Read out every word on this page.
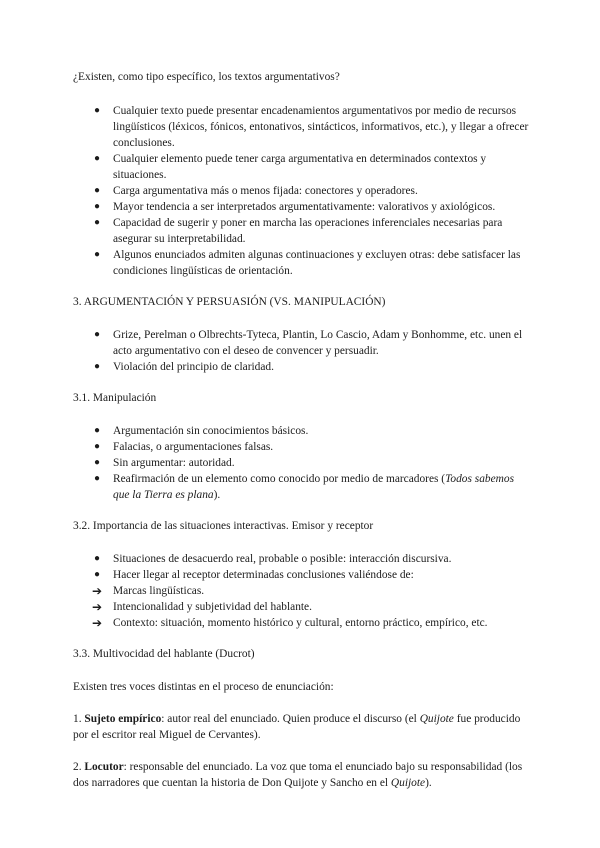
¿Existen, como tipo específico, los textos argumentativos?

●	Cualquier texto puede presentar encadenamientos argumentativos por medio de recursos lingüísticos (léxicos, fónicos, entonativos, sintácticos, informativos, etc.), y llegar a ofrecer conclusiones.
●	Cualquier elemento puede tener carga argumentativa en determinados contextos y situaciones.
●	Carga argumentativa más o menos fijada: conectores y operadores.
●	Mayor tendencia a ser interpretados argumentativamente: valorativos y axiológicos.
●	Capacidad de sugerir y poner en marcha las operaciones inferenciales necesarias para asegurar su interpretabilidad.
●	Algunos enunciados admiten algunas continuaciones y excluyen otras: debe satisfacer las condiciones lingüísticas de orientación.

3. ARGUMENTACIÓN Y PERSUASIÓN (VS. MANIPULACIÓN)

●	Grize, Perelman o Olbrechts-Tyteca, Plantin, Lo Cascio, Adam y Bonhomme, etc. unen el acto argumentativo con el deseo de convencer y persuadir.
●	Violación del principio de claridad.

3.1. Manipulación

●	Argumentación sin conocimientos básicos.
●	Falacias, o argumentaciones falsas.
●	Sin argumentar: autoridad.
●	Reafirmación de un elemento como conocido por medio de marcadores (Todos sabemos que la Tierra es plana).

3.2. Importancia de las situaciones interactivas. Emisor y receptor

●	Situaciones de desacuerdo real, probable o posible: interacción discursiva.
●	Hacer llegar al receptor determinadas conclusiones valiéndose de:
➔ Marcas lingüísticas.
➔ Intencionalidad y subjetividad del hablante.
➔ Contexto: situación, momento histórico y cultural, entorno práctico, empírico, etc.

3.3. Multivocidad del hablante (Ducrot)

Existen tres voces distintas en el proceso de enunciación:

1. Sujeto empírico: autor real del enunciado. Quien produce el discurso (el Quijote fue producido por el escritor real Miguel de Cervantes).

2. Locutor: responsable del enunciado. La voz que toma el enunciado bajo su responsabilidad (los dos narradores que cuentan la historia de Don Quijote y Sancho en el Quijote).
